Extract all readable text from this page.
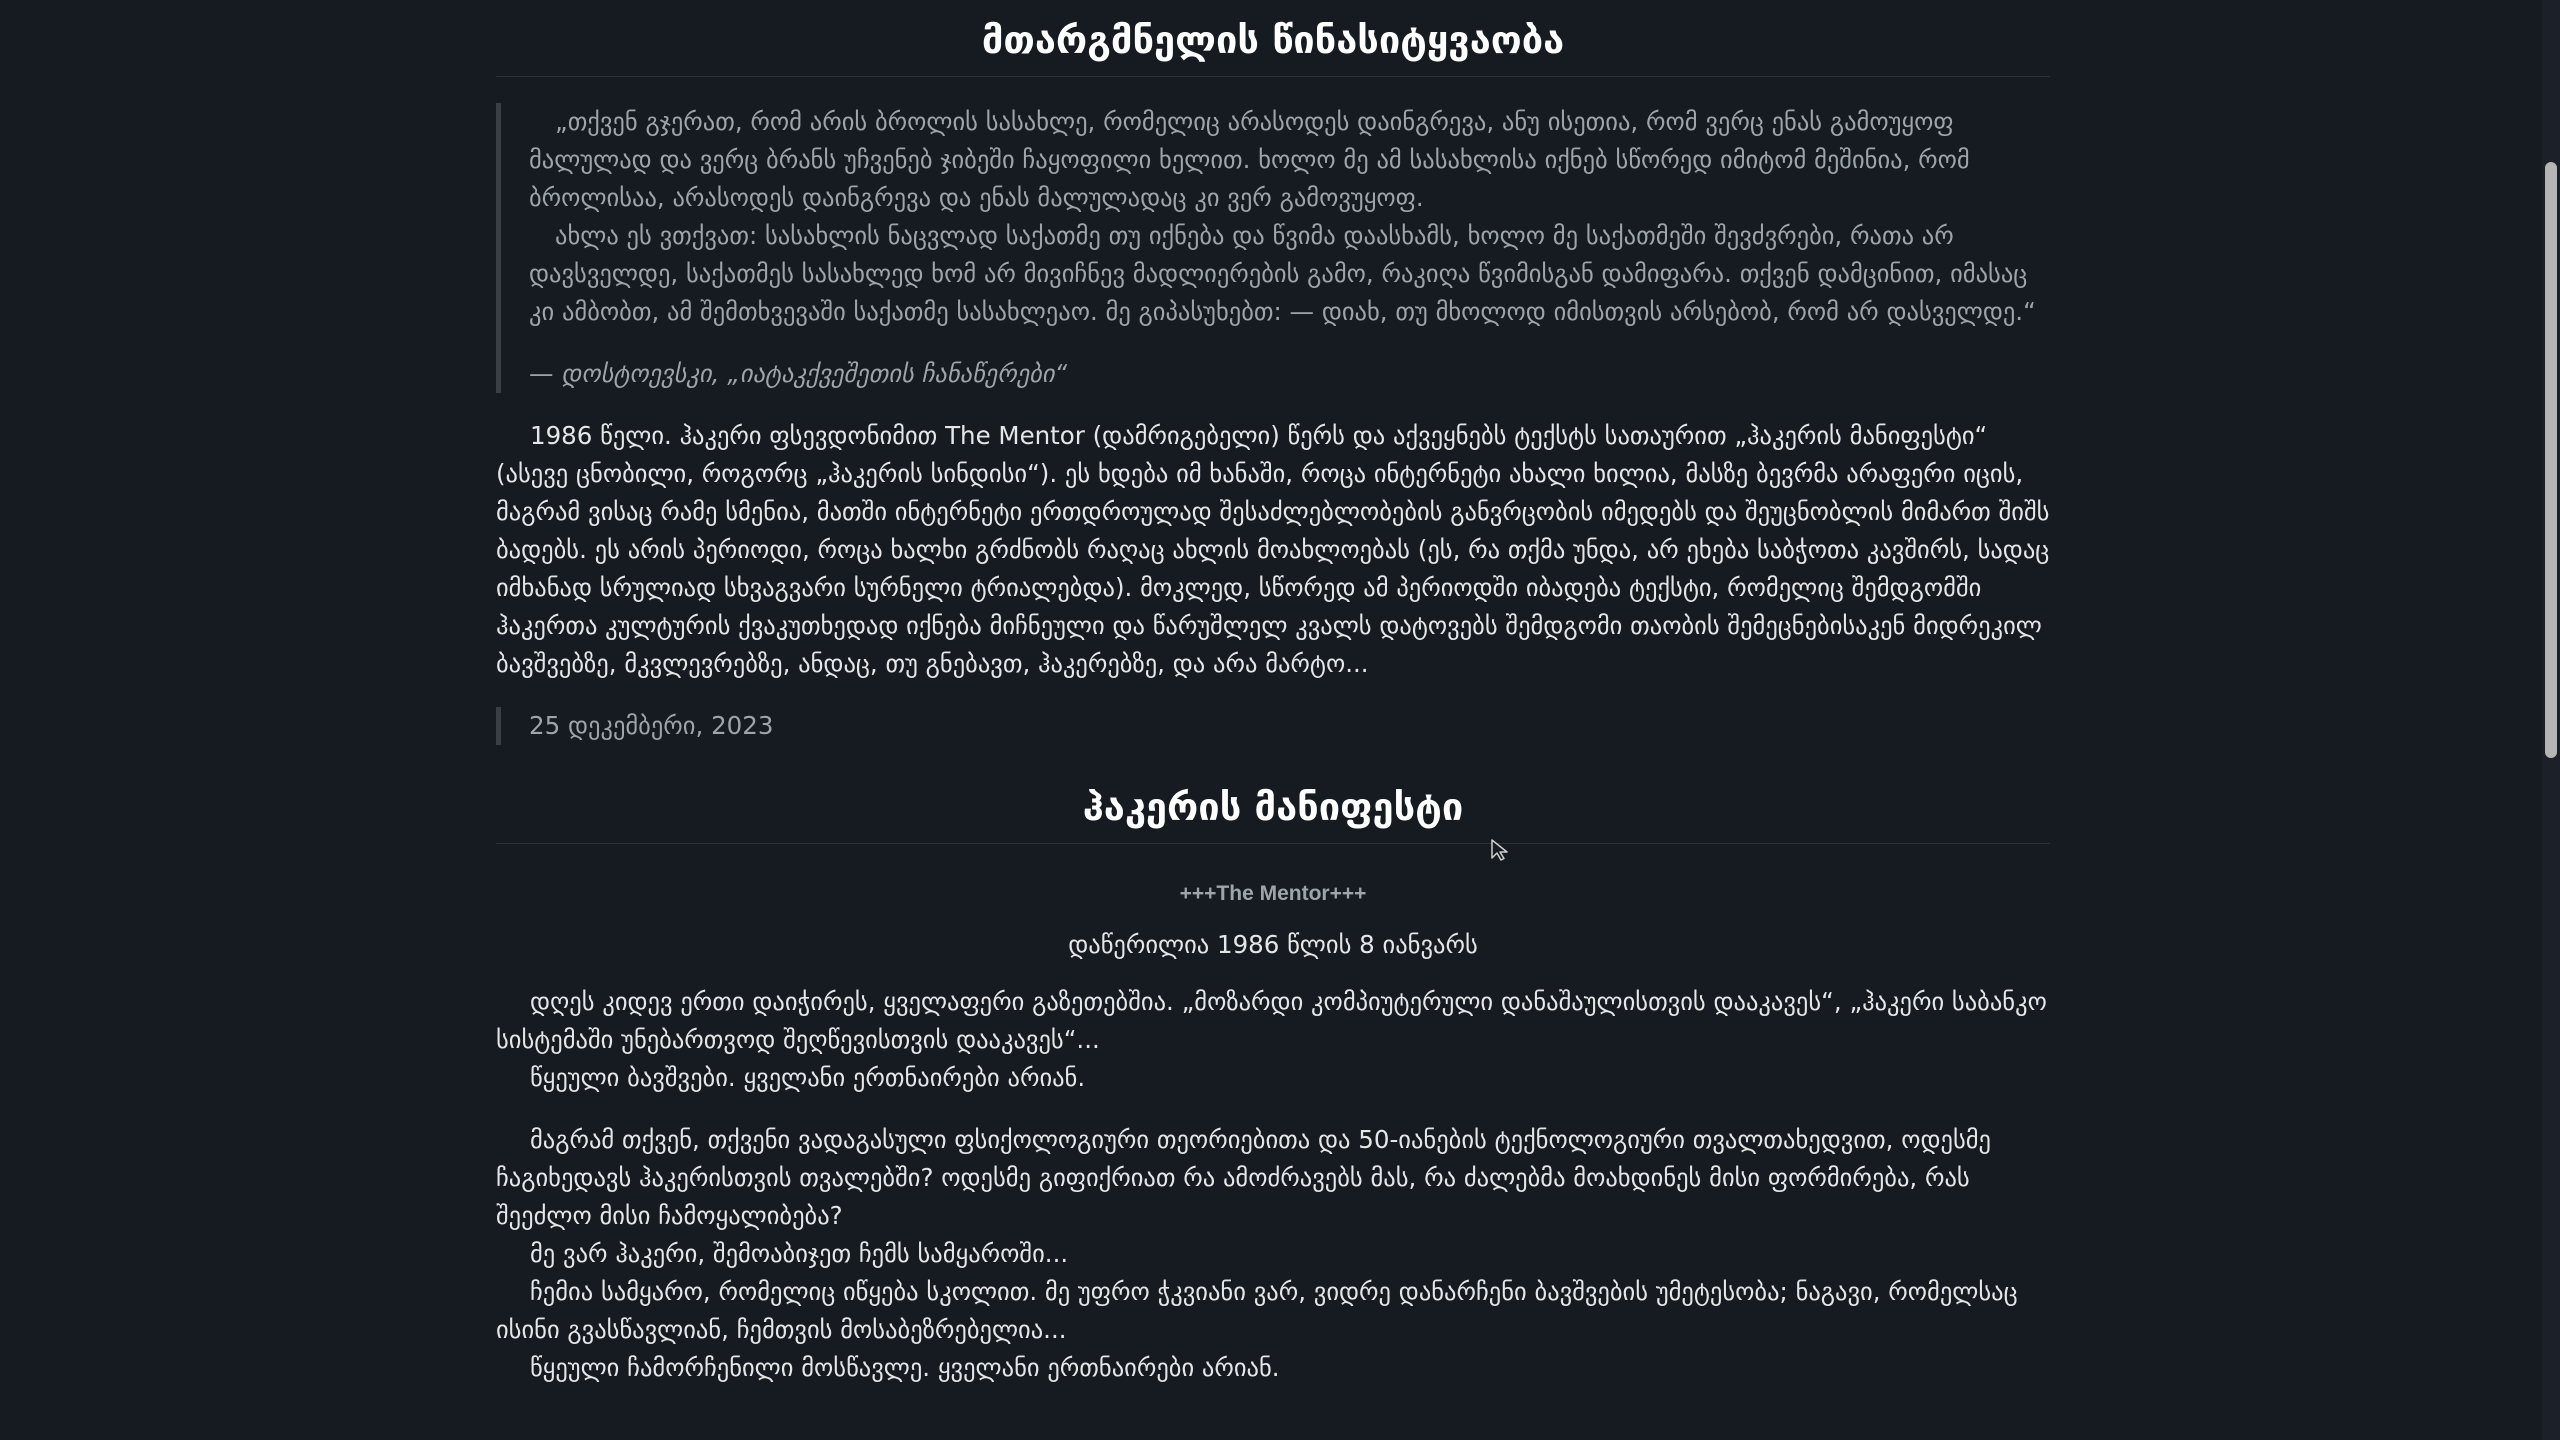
მთარგმნელის წინასიტყვაობა

„თქვენ გჯერათ, რომ არის ბროლის სასახლე, რომელიც არასოდეს დაინგრევა, ანუ ისეთია, რომ ვერც ენას გამოუყოფ მალულად და ვერც ბრანს უჩვენებ ჯიბეში ჩაყოფილი ხელით. ხოლო მე ამ სასახლისა იქნებ სწორედ იმიტომ მეშინია, რომ ბროლისაა, არასოდეს დაინგრევა და ენას მალულადაც კი ვერ გამოვუყოფ.

ახლა ეს ვთქვათ: სასახლის ნაცვლად საქათმე თუ იქნება და წვიმა დაასხამს, ხოლო მე საქათმეში შევძვრები, რათა არ დავსველდე, საქათმეს სასახლედ ხომ არ მივიჩნევ მადლიერების გამო, რაკიღა წვიმისგან დამიფარა. თქვენ დამცინით, იმასაც კი ამბობთ, ამ შემთხვევაში საქათმე სასახლეაო. მე გიპასუხებთ: — დიახ, თუ მხოლოდ იმისთვის არსებობ, რომ არ დასველდე.“

— დოსტოევსკი, „იატაკქვეშეთის ჩანაწერები“

1986 წელი. ჰაკერი ფსევდონიმით The Mentor (დამრიგებელი) წერს და აქვეყნებს ტექსტს სათაურით „ჰაკერის მანიფესტი“ (ასევე ცნობილი, როგორც „ჰაკერის სინდისი“). ეს ხდება იმ ხანაში, როცა ინტერნეტი ახალი ხილია, მასზე ბევრმა არაფერი იცის, მაგრამ ვისაც რამე სმენია, მათში ინტერნეტი ერთდროულად შესაძლებლობების განვრცობის იმედებს და შეუცნობლის მიმართ შიშს ბადებს. ეს არის პერიოდი, როცა ხალხი გრძნობს რაღაც ახლის მოახლოებას (ეს, რა თქმა უნდა, არ ეხება საბჭოთა კავშირს, სადაც იმხანად სრულიად სხვაგვარი სურნელი ტრიალებდა). მოკლედ, სწორედ ამ პერიოდში იბადება ტექსტი, რომელიც შემდგომში ჰაკერთა კულტურის ქვაკუთხედად იქნება მიჩნეული და წარუშლელ კვალს დატოვებს შემდგომი თაობის შემეცნებისაკენ მიდრეკილ ბავშვებზე, მკვლევრებზე, ანდაც, თუ გნებავთ, ჰაკერებზე, და არა მარტო...

25 დეკემბერი, 2023
ჰაკერის მანიფესტი
+++The Mentor+++
დაწერილია 1986 წლის 8 იანვარს

დღეს კიდევ ერთი დაიჭირეს, ყველაფერი გაზეთებშია. „მოზარდი კომპიუტერული დანაშაულისთვის დააკავეს“, „ჰაკერი საბანკო სისტემაში უნებართვოდ შეღწევისთვის დააკავეს“...

წყეული ბავშვები. ყველანი ერთნაირები არიან.

მაგრამ თქვენ, თქვენი ვადაგასული ფსიქოლოგიური თეორიებითა და 50-იანების ტექნოლოგიური თვალთახედვით, ოდესმე ჩაგიხედავს ჰაკერისთვის თვალებში? ოდესმე გიფიქრიათ რა ამოძრავებს მას, რა ძალებმა მოახდინეს მისი ფორმირება, რას შეეძლო მისი ჩამოყალიბება?

მე ვარ ჰაკერი, შემოაბიჯეთ ჩემს სამყაროში...

ჩემია სამყარო, რომელიც იწყება სკოლით. მე უფრო ჭკვიანი ვარ, ვიდრე დანარჩენი ბავშვების უმეტესობა; ნაგავი, რომელსაც ისინი გვასწავლიან, ჩემთვის მოსაბეზრებელია...

წყეული ჩამორჩენილი მოსწავლე. ყველანი ერთნაირები არიან.
